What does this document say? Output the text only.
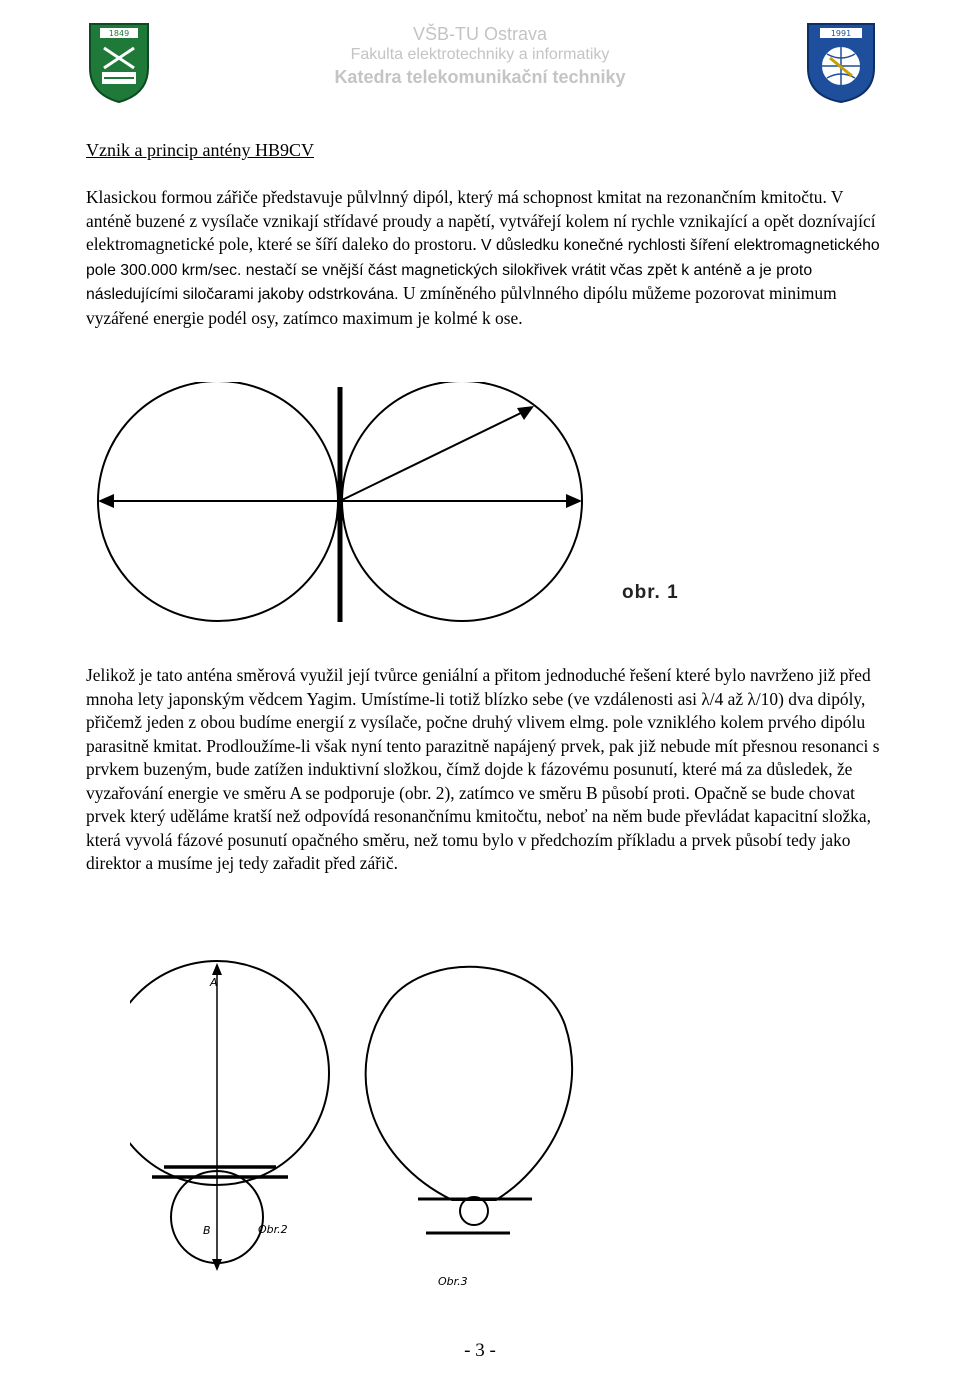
1849	VŠB-TU Ostrava
Fakulta elektrotechniky a informatiky
Katedra telekomunikační techniky
1991
Vznik a princip antény HB9CV

Klasickou formou zářiče představuje půlvlnný dipól, který má schopnost kmitat na rezonančním kmitočtu. V anténě buzené z vysílače vznikají střídavé proudy a napětí, vytvářejí kolem ní rychle vznikající a opět doznívající elektromagnetické pole, které se šíří daleko do prostoru. V důsledku konečné rychlosti šíření elektromagnetického pole 300.000 krm/sec. nestačí se vnější část magnetických silokřivek vrátit včas zpět k anténě a je proto následujícími siločarami jakoby odstrkována. U zmíněného půlvlnného dipólu můžeme pozorovat minimum vyzářené energie podél osy, zatímco maximum je kolmé k ose.

obr. 1

Jelikož je tato anténa směrová využil její tvůrce geniální a přitom jednoduché řešení které bylo navrženo již před mnoha lety japonským vědcem Yagim. Umístíme-li totiž blízko sebe (ve vzdálenosti asi λ/4 až λ/10) dva dipóly, přičemž jeden z obou budíme energií z vysílače, počne druhý vlivem elmg. pole vzniklého kolem prvého dipólu parasitně kmitat. Prodloužíme-li však nyní tento parazitně napájený prvek, pak již nebude mít přesnou resonanci s prvkem buzeným, bude zatížen induktivní složkou, čímž dojde k fázovému posunutí, které má za důsledek, že vyzařování energie ve směru A se podporuje (obr. 2), zatímco ve směru B působí proti. Opačně se bude chovat prvek který uděláme kratší než odpovídá resonančnímu kmitočtu, neboť na něm bude převládat kapacitní složka, která vyvolá fázové posunutí opačného směru, než tomu bylo v předchozím příkladu a prvek působí tedy jako direktor a musíme jej tedy zařadit před zářič.

A
B	Obr.2
Obr.3
- 3 -
